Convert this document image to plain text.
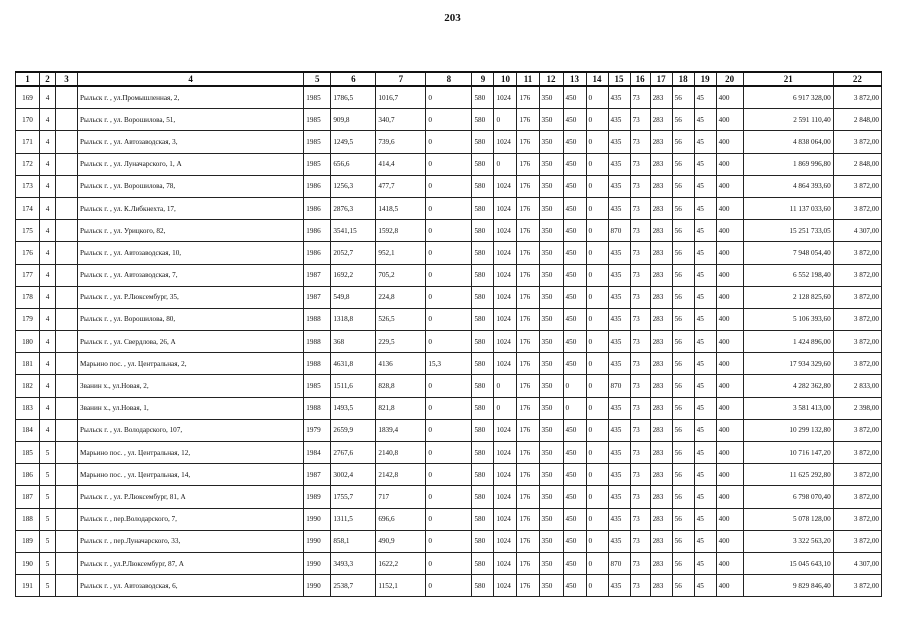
203
1	2	3	4	5	6	7	8	9	10	11	12	13	14	15	16	17	18	19	20	21	22
169	4		Рыльск г. , ул.Промышленная, 2,	1985	1786,5	1016,7	0	580	1024	176	350	450	0	435	73	283	56	45	400	6 917 328,00	3 872,00
170	4		Рыльск г. , ул. Ворошилова, 51,	1985	909,8	340,7	0	580	0	176	350	450	0	435	73	283	56	45	400	2 591 110,40	2 848,00
171	4		Рыльск г. , ул. Автозаводская, 3,	1985	1249,5	739,6	0	580	1024	176	350	450	0	435	73	283	56	45	400	4 838 064,00	3 872,00
172	4		Рыльск г. , ул. Луначарского, 1, А	1985	656,6	414,4	0	580	0	176	350	450	0	435	73	283	56	45	400	1 869 996,80	2 848,00
173	4		Рыльск г. , ул. Ворошилова, 78,	1986	1256,3	477,7	0	580	1024	176	350	450	0	435	73	283	56	45	400	4 864 393,60	3 872,00
174	4		Рыльск г. , ул. К.Либкнехта, 17,	1986	2876,3	1418,5	0	580	1024	176	350	450	0	435	73	283	56	45	400	11 137 033,60	3 872,00
175	4		Рыльск г. , ул. Урицкого, 82,	1986	3541,15	1592,8	0	580	1024	176	350	450	0	870	73	283	56	45	400	15 251 733,05	4 307,00
176	4		Рыльск г. , ул. Автозаводская, 10,	1986	2052,7	952,1	0	580	1024	176	350	450	0	435	73	283	56	45	400	7 948 054,40	3 872,00
177	4		Рыльск г. , ул. Автозаводская, 7,	1987	1692,2	705,2	0	580	1024	176	350	450	0	435	73	283	56	45	400	6 552 198,40	3 872,00
178	4		Рыльск г. , ул. Р.Люксембург, 35,	1987	549,8	224,8	0	580	1024	176	350	450	0	435	73	283	56	45	400	2 128 825,60	3 872,00
179	4		Рыльск г. , ул. Ворошилова, 80,	1988	1318,8	526,5	0	580	1024	176	350	450	0	435	73	283	56	45	400	5 106 393,60	3 872,00
180	4		Рыльск г. , ул. Свердлова, 26, А	1988	368	229,5	0	580	1024	176	350	450	0	435	73	283	56	45	400	1 424 896,00	3 872,00
181	4		Марьино пос. , ул. Центральная, 2,	1988	4631,8	4136	15,3	580	1024	176	350	450	0	435	73	283	56	45	400	17 934 329,60	3 872,00
182	4		Званин х., ул.Новая, 2,	1985	1511,6	828,8	0	580	0	176	350	0	0	870	73	283	56	45	400	4 282 362,80	2 833,00
183	4		Званин х., ул.Новая, 1,	1988	1493,5	821,8	0	580	0	176	350	0	0	435	73	283	56	45	400	3 581 413,00	2 398,00
184	4		Рыльск г. , ул. Володарского, 107,	1979	2659,9	1839,4	0	580	1024	176	350	450	0	435	73	283	56	45	400	10 299 132,80	3 872,00
185	5		Марьино пос. , ул. Центральная, 12,	1984	2767,6	2140,8	0	580	1024	176	350	450	0	435	73	283	56	45	400	10 716 147,20	3 872,00
186	5		Марьино пос. , ул. Центральная, 14,	1987	3002,4	2142,8	0	580	1024	176	350	450	0	435	73	283	56	45	400	11 625 292,80	3 872,00
187	5		Рыльск г. , ул. Р.Люксембург, 81, А	1989	1755,7	717	0	580	1024	176	350	450	0	435	73	283	56	45	400	6 798 070,40	3 872,00
188	5		Рыльск г. , пер.Володарского, 7,	1990	1311,5	696,6	0	580	1024	176	350	450	0	435	73	283	56	45	400	5 078 128,00	3 872,00
189	5		Рыльск г. , пер.Луначарского, 33,	1990	858,1	490,9	0	580	1024	176	350	450	0	435	73	283	56	45	400	3 322 563,20	3 872,00
190	5		Рыльск г. , ул.Р.Люксембург, 87, А	1990	3493,3	1622,2	0	580	1024	176	350	450	0	870	73	283	56	45	400	15 045 643,10	4 307,00
191	5		Рыльск г. , ул. Автозаводская, 6,	1990	2538,7	1152,1	0	580	1024	176	350	450	0	435	73	283	56	45	400	9 829 846,40	3 872,00
